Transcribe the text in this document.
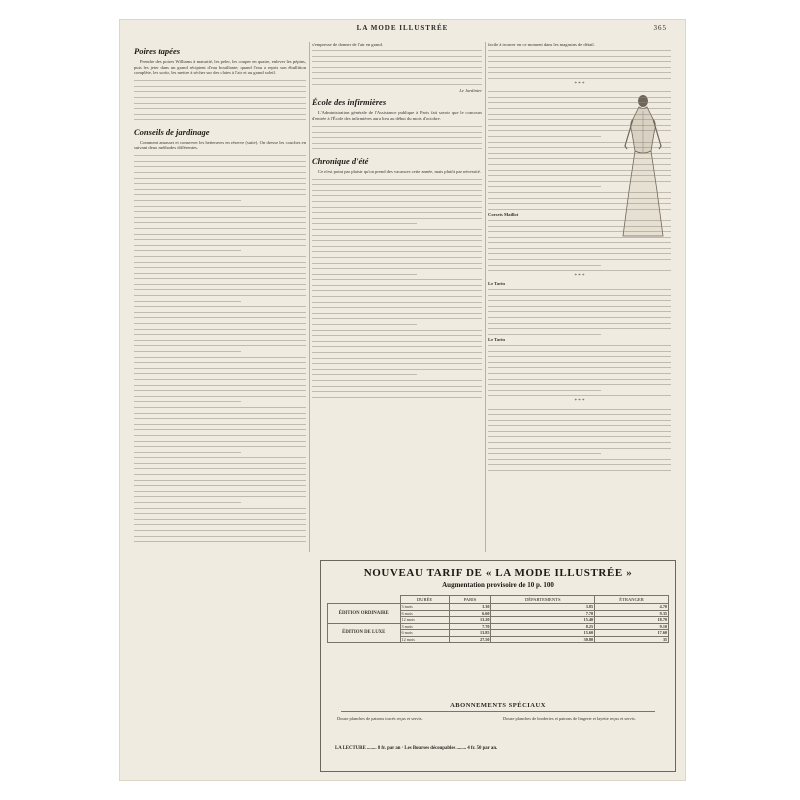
LA MODE ILLUSTRÉE	365
Poires tapées

Prendre des poires Williams à maturité, les peler, les couper en quatre, enlever les pépins, puis les jeter dans un grand récipient d'eau bouillante; quand l'eau a repris son ébullition complète, les sortir, les mettre à sécher sur des claies à l'air et au grand soleil.

Conseils de jardinage

Comment amasser et conserver les betteraves en réserve (suite). On dresse les couches en suivant deux méthodes différentes.

s'empresse de donner de l'air en grand.

Le Jardinier
École des infirmières

L'Administration générale de l'Assistance publique à Paris fait savoir que le concours d'entrée à l'École des infirmières aura lieu au début du mois d'octobre.

Chronique d'été

Ce n'est point par plaisir qu'on prend des vacances cette année, mais plutôt par nécessité.

facile à trouver en ce moment dans les magasins de détail.

* * *

Corsets Maillot

* * *

Le Tarin

Le Tarin

* * *
NOUVEAU TARIF DE « LA MODE ILLUSTRÉE »
Augmentation provisoire de 10 p. 100
	DURÉE	PARIS	DÉPARTEMENTS	ÉTRANGER
ÉDITION ORDINAIRE	3 mois	3.30	3.85	4.70
	6 mois	6.60	7.70	9.35
	12 mois	13.20	15.40	18.70
ÉDITION DE LUXE	3 mois	7.70	8.25	9.10
	6 mois	13.85	15.60	17.60
	12 mois	27.50	30.80	35
ABONNEMENTS SPÉCIAUX
Douze planches de patrons tracés reçus et servis.	Douze planches de broderies et patrons de lingerie et layette reçus et servis.
LA LECTURE ........ 8 fr. par an · Les Bourses découpables ........ 4 fr. 50 par an.
